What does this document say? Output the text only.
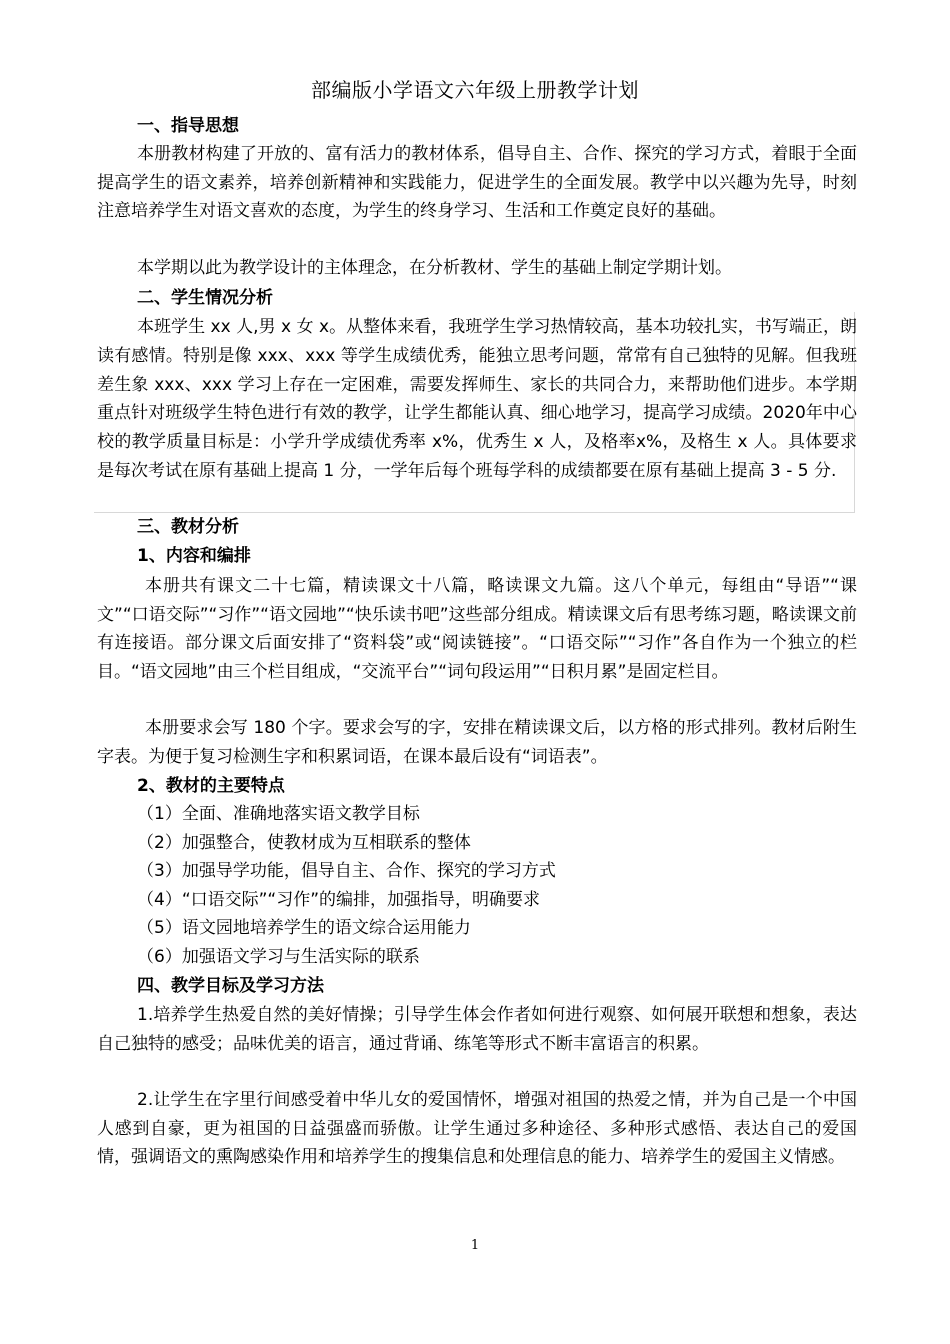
部编版小学语文六年级上册教学计划
一、指导思想
本册教材构建了开放的、富有活力的教材体系，倡导自主、合作、探究的学习方式，着眼于全面提高学生的语文素养，培养创新精神和实践能力，促进学生的全面发展。教学中以兴趣为先导，时刻注意培养学生对语文喜欢的态度，为学生的终身学习、生活和工作奠定良好的基础。
本学期以此为教学设计的主体理念，在分析教材、学生的基础上制定学期计划。
二、学生情况分析
本班学生 xx 人,男 x 女 x。从整体来看，我班学生学习热情较高，基本功较扎实，书写端正，朗读有感情。特别是像 xxx、xxx 等学生成绩优秀，能独立思考问题，常常有自己独特的见解。但我班差生象 xxx、xxx 学习上存在一定困难，需要发挥师生、家长的共同合力，来帮助他们进步。本学期重点针对班级学生特色进行有效的教学，让学生都能认真、细心地学习，提高学习成绩。2020年中心校的教学质量目标是：小学升学成绩优秀率 x%，优秀生 x 人，及格率x%，及格生 x 人。具体要求是每次考试在原有基础上提高 1 分，一学年后每个班每学科的成绩都要在原有基础上提高 3 - 5 分.
三、教材分析
1、内容和编排
本册共有课文二十七篇，精读课文十八篇，略读课文九篇。这八个单元，每组由“导语”“课文”“口语交际”“习作”“语文园地”“快乐读书吧”这些部分组成。精读课文后有思考练习题，略读课文前有连接语。部分课文后面安排了“资料袋”或“阅读链接”。“口语交际”“习作”各自作为一个独立的栏目。“语文园地”由三个栏目组成，“交流平台”“词句段运用”“日积月累”是固定栏目。
本册要求会写 180 个字。要求会写的字，安排在精读课文后，以方格的形式排列。教材后附生字表。为便于复习检测生字和积累词语，在课本最后设有“词语表”。
2、教材的主要特点
（1）全面、准确地落实语文教学目标
（2）加强整合，使教材成为互相联系的整体
（3）加强导学功能，倡导自主、合作、探究的学习方式
（4）“口语交际”“习作”的编排，加强指导，明确要求
（5）语文园地培养学生的语文综合运用能力
（6）加强语文学习与生活实际的联系
四、教学目标及学习方法
1.培养学生热爱自然的美好情操；引导学生体会作者如何进行观察、如何展开联想和想象，表达自己独特的感受；品味优美的语言，通过背诵、练笔等形式不断丰富语言的积累。
2.让学生在字里行间感受着中华儿女的爱国情怀，增强对祖国的热爱之情，并为自己是一个中国人感到自豪，更为祖国的日益强盛而骄傲。让学生通过多种途径、多种形式感悟、表达自己的爱国情，强调语文的熏陶感染作用和培养学生的搜集信息和处理信息的能力、培养学生的爱国主义情感。
1
